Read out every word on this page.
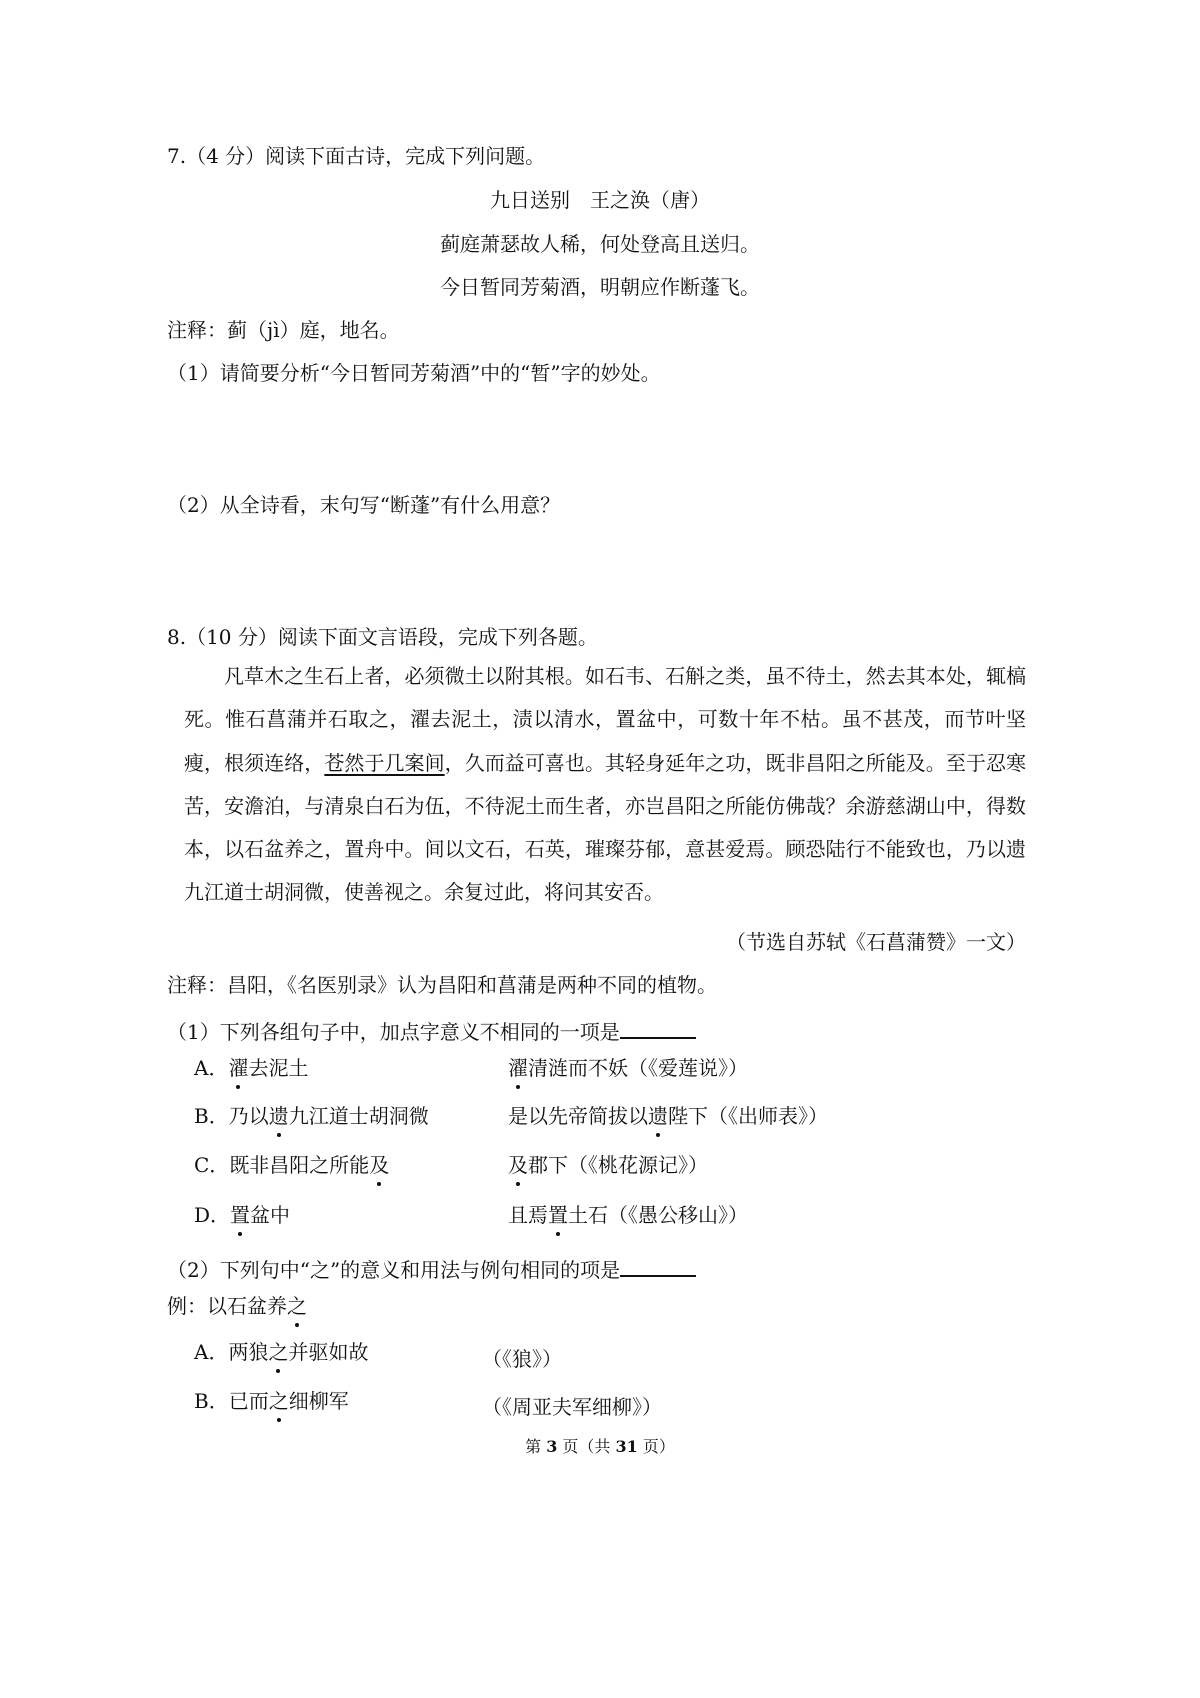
7.（4 分）阅读下面古诗，完成下列问题。
九日送别　王之涣（唐）
蓟庭萧瑟故人稀，何处登高且送归。
今日暂同芳菊酒，明朝应作断蓬飞。
注释：蓟（jì）庭，地名。
（1）请简要分析“今日暂同芳菊酒”中的“暂”字的妙处。
（2）从全诗看，末句写“断蓬”有什么用意？
8.（10 分）阅读下面文言语段，完成下列各题。
凡草木之生石上者，必须微土以附其根。如石韦、石斛之类，虽不待土，然去其本处，辄槁死。惟石菖蒲并石取之，濯去泥土，渍以清水，置盆中，可数十年不枯。虽不甚茂，而节叶坚瘦，根须连络，苍然于几案间，久而益可喜也。其轻身延年之功，既非昌阳之所能及。至于忍寒苦，安澹泊，与清泉白石为伍，不待泥土而生者，亦岂昌阳之所能仿佛哉？余游慈湖山中，得数本，以石盆养之，置舟中。间以文石，石英，璀璨芬郁，意甚爱焉。顾恐陆行不能致也，乃以遗九江道士胡洞微，使善视之。余复过此，将问其安否。
（节选自苏轼《石菖蒲赞》一文）
注释：昌阳，《名医别录》认为昌阳和菖蒲是两种不同的植物。
（1）下列各组句子中，加点字意义不相同的一项是
A．濯去泥土	濯清涟而不妖（《爱莲说》）
B．乃以遗九江道士胡洞微	是以先帝简拔以遗陛下（《出师表》）
C．既非昌阳之所能及	及郡下（《桃花源记》）
D．置盆中	且焉置土石（《愚公移山》）
（2）下列句中“之”的意义和用法与例句相同的项是
例：以石盆养之
A．两狼之并驱如故	（《狼》）
B．已而之细柳军	（《周亚夫军细柳》）
第 3 页（共 31 页）
